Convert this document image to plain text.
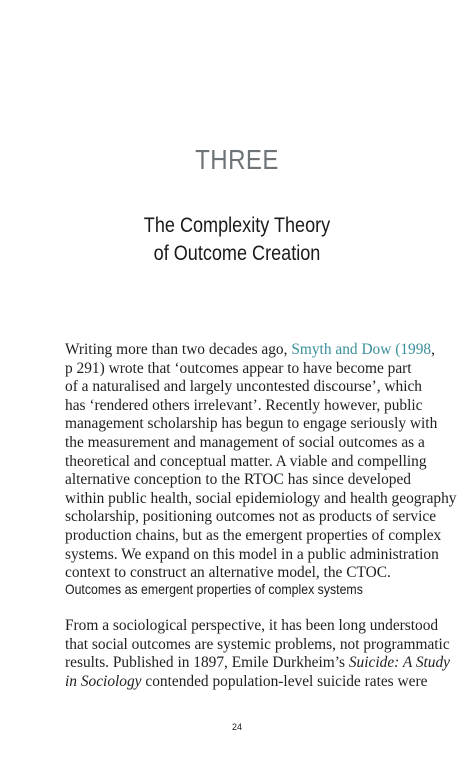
THREE
The Complexity Theory
of Outcome Creation
Writing more than two decades ago, Smyth and Dow (1998,
p 291) wrote that ‘outcomes appear to have become part
of a naturalised and largely uncontested discourse’, which
has ‘rendered others irrelevant’. Recently however, public
management scholarship has begun to engage seriously with
the measurement and management of social outcomes as a
theoretical and conceptual matter. A viable and compelling
alternative conception to the RTOC has since developed
within public health, social epidemiology and health geography
scholarship, positioning outcomes not as products of service
production chains, but as the emergent properties of complex
systems. We expand on this model in a public administration
context to construct an alternative model, the CTOC.
Outcomes as emergent properties of complex systems
From a sociological perspective, it has been long understood
that social outcomes are systemic problems, not programmatic
results. Published in 1897, Emile Durkheim’s Suicide: A Study
in Sociology contended population-level suicide rates were
24
